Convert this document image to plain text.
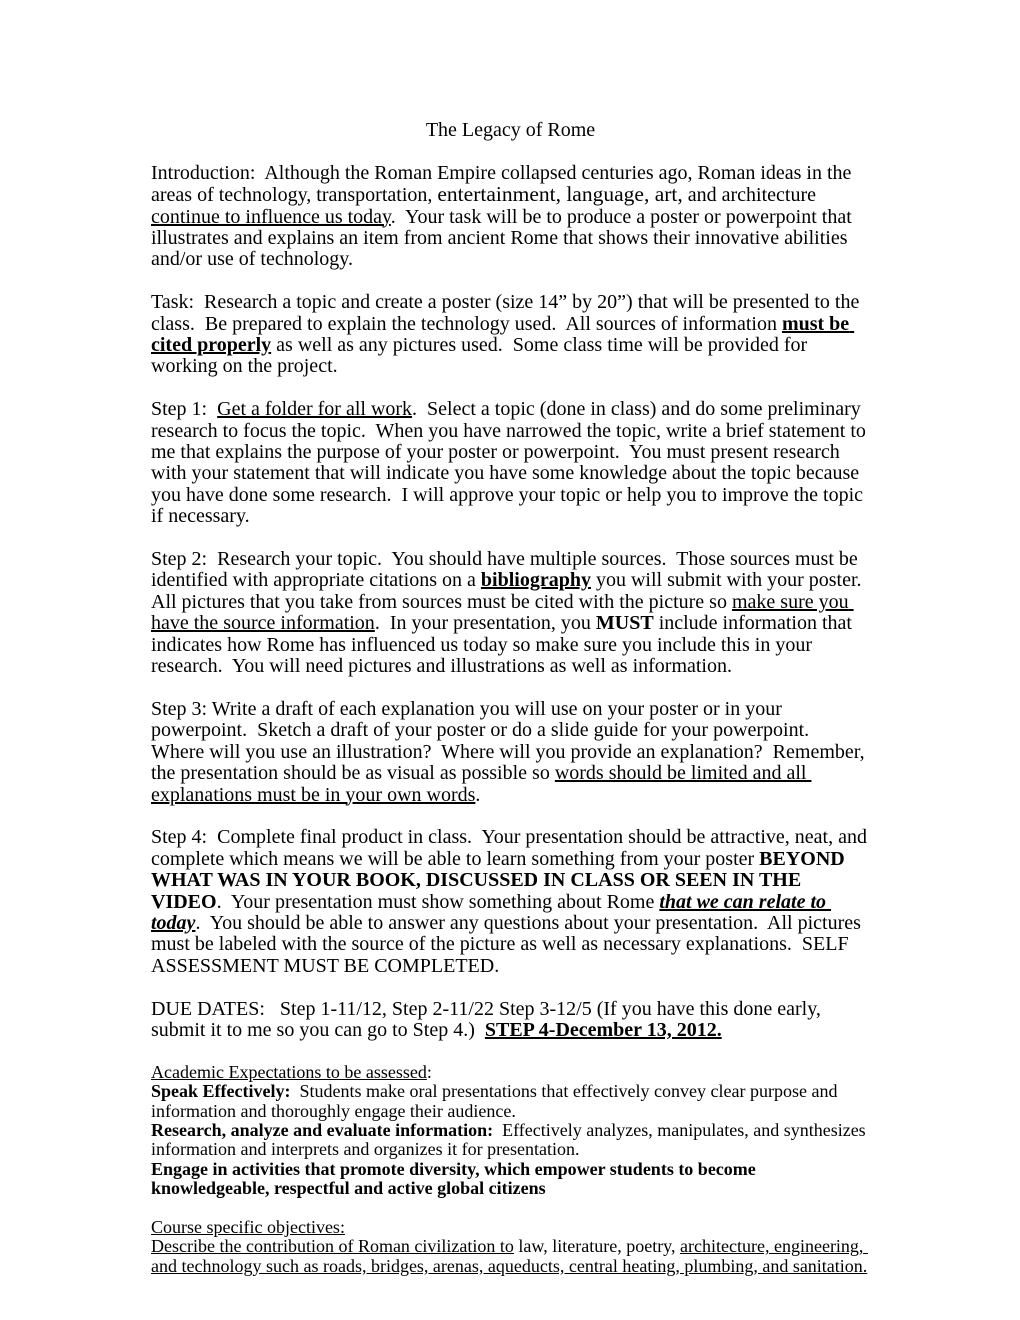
The Legacy of Rome

Introduction:  Although the Roman Empire collapsed centuries ago, Roman ideas in the areas of technology, transportation, entertainment, language, art, and architecture continue to influence us today.  Your task will be to produce a poster or powerpoint that illustrates and explains an item from ancient Rome that shows their innovative abilities and/or use of technology.

Task:  Research a topic and create a poster (size 14” by 20”) that will be presented to the class.  Be prepared to explain the technology used.  All sources of information must be cited properly as well as any pictures used.  Some class time will be provided for working on the project.

Step 1:  Get a folder for all work.  Select a topic (done in class) and do some preliminary research to focus the topic.  When you have narrowed the topic, write a brief statement to me that explains the purpose of your poster or powerpoint.  You must present research with your statement that will indicate you have some knowledge about the topic because you have done some research.  I will approve your topic or help you to improve the topic if necessary.

Step 2:  Research your topic.  You should have multiple sources.  Those sources must be identified with appropriate citations on a bibliography you will submit with your poster.  All pictures that you take from sources must be cited with the picture so make sure you have the source information.  In your presentation, you MUST include information that indicates how Rome has influenced us today so make sure you include this in your research.  You will need pictures and illustrations as well as information.

Step 3: Write a draft of each explanation you will use on your poster or in your powerpoint.  Sketch a draft of your poster or do a slide guide for your powerpoint.  Where will you use an illustration?  Where will you provide an explanation?  Remember, the presentation should be as visual as possible so words should be limited and all explanations must be in your own words.

Step 4:  Complete final product in class.  Your presentation should be attractive, neat, and complete which means we will be able to learn something from your poster BEYOND WHAT WAS IN YOUR BOOK, DISCUSSED IN CLASS OR SEEN IN THE VIDEO.  Your presentation must show something about Rome that we can relate to today.  You should be able to answer any questions about your presentation.  All pictures must be labeled with the source of the picture as well as necessary explanations.  SELF ASSESSMENT MUST BE COMPLETED.

DUE DATES:   Step 1-11/12, Step 2-11/22 Step 3-12/5 (If you have this done early, submit it to me so you can go to Step 4.)  STEP 4-December 13, 2012.

Academic Expectations to be assessed:

Speak Effectively:  Students make oral presentations that effectively convey clear purpose and information and thoroughly engage their audience.

Research, analyze and evaluate information:  Effectively analyzes, manipulates, and synthesizes information and interprets and organizes it for presentation.

Engage in activities that promote diversity, which empower students to become knowledgeable, respectful and active global citizens

Course specific objectives:

Describe the contribution of Roman civilization to law, literature, poetry, architecture, engineering, and technology such as roads, bridges, arenas, aqueducts, central heating, plumbing, and sanitation.
